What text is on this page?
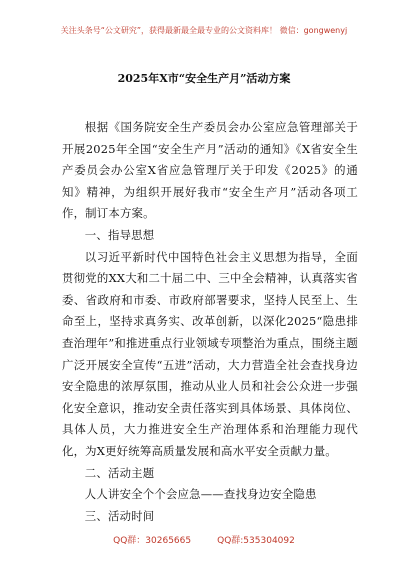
关注头条号“公文研究”，获得最新最全最专业的公文资料库！ 微信：gongwenyj
2025年X市“安全生产月”活动方案

根据《国务院安全生产委员会办公室应急管理部关于开展2025年全国“安全生产月”活动的通知》《X省安全生产委员会办公室X省应急管理厅关于印发《2025》的通知》精神，为组织开展好我市“安全生产月”活动各项工作，制订本方案。

一、指导思想

以习近平新时代中国特色社会主义思想为指导，全面贯彻党的XX大和二十届二中、三中全会精神，认真落实省委、省政府和市委、市政府部署要求，坚持人民至上、生命至上，坚持求真务实、改革创新，以深化2025“隐患排查治理年”和推进重点行业领域专项整治为重点，围绕主题广泛开展安全宣传“五进”活动，大力营造全社会查找身边安全隐患的浓厚氛围，推动从业人员和社会公众进一步强化安全意识，推动安全责任落实到具体场景、具体岗位、具体人员，大力推进安全生产治理体系和治理能力现代化，为X更好统筹高质量发展和高水平安全贡献力量。

二、活动主题

人人讲安全个个会应急——查找身边安全隐患

三、活动时间

QQ群：30265665	QQ群:535304092
